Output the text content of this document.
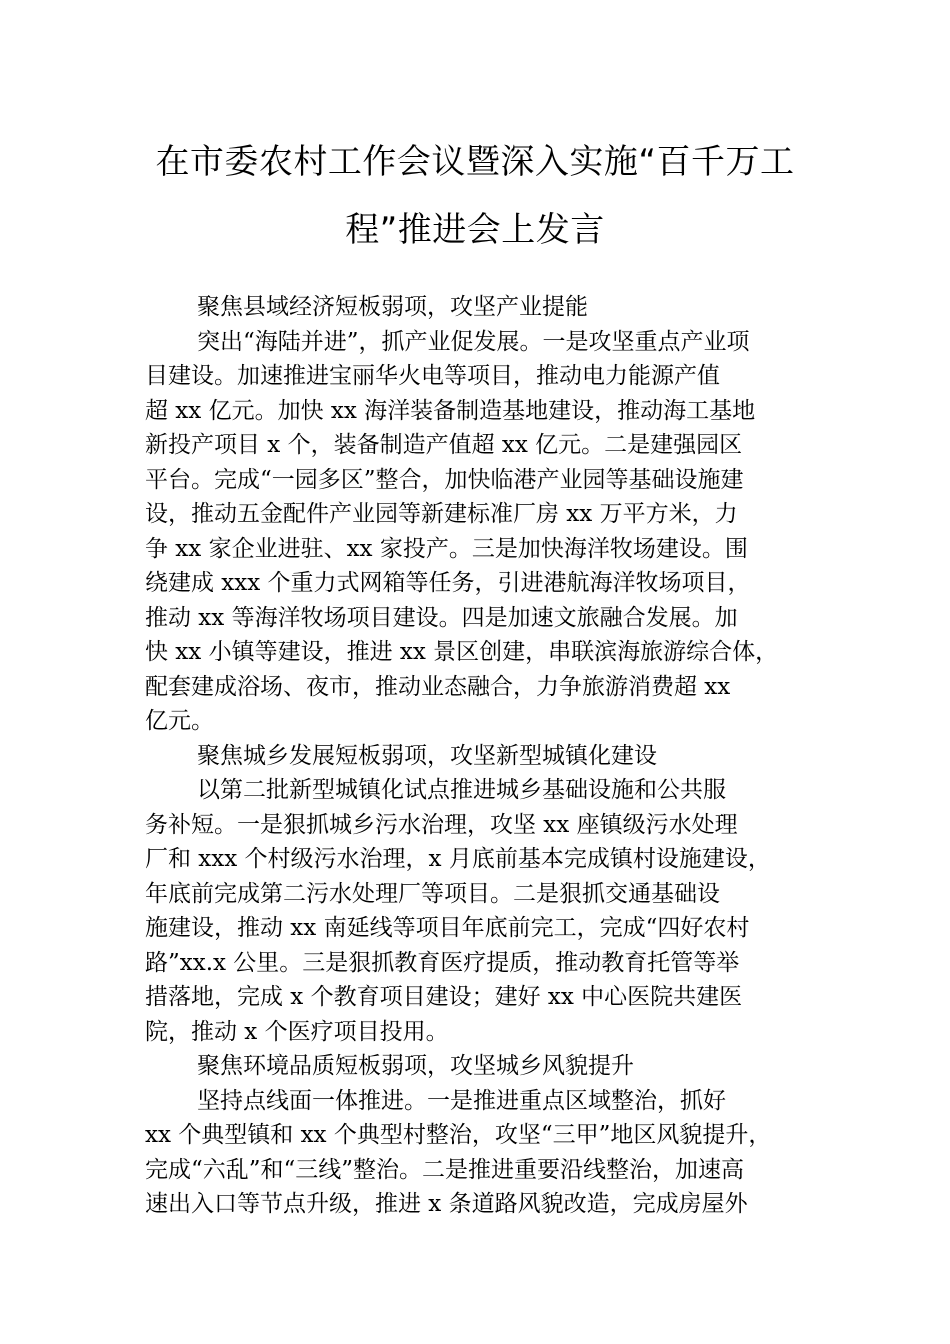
在市委农村工作会议暨深入实施“百千万工
程”推进会上发言
聚焦县域经济短板弱项，攻坚产业提能

突出“海陆并进”，抓产业促发展。一是攻坚重点产业项
目建设。加速推进宝丽华火电等项目，推动电力能源产值
超 xx 亿元。加快 xx 海洋装备制造基地建设，推动海工基地
新投产项目 x 个，装备制造产值超 xx 亿元。二是建强园区
平台。完成“一园多区”整合，加快临港产业园等基础设施建
设，推动五金配件产业园等新建标准厂房 xx 万平方米，力
争 xx 家企业进驻、xx 家投产。三是加快海洋牧场建设。围
绕建成 xxx 个重力式网箱等任务，引进港航海洋牧场项目，
推动 xx 等海洋牧场项目建设。四是加速文旅融合发展。加
快 xx 小镇等建设，推进 xx 景区创建，串联滨海旅游综合体，
配套建成浴场、夜市，推动业态融合，力争旅游消费超 xx
亿元。

聚焦城乡发展短板弱项，攻坚新型城镇化建设

以第二批新型城镇化试点推进城乡基础设施和公共服
务补短。一是狠抓城乡污水治理，攻坚 xx 座镇级污水处理
厂和 xxx 个村级污水治理，x 月底前基本完成镇村设施建设，
年底前完成第二污水处理厂等项目。二是狠抓交通基础设
施建设，推动 xx 南延线等项目年底前完工，完成“四好农村
路”xx.x 公里。三是狠抓教育医疗提质，推动教育托管等举
措落地，完成 x 个教育项目建设；建好 xx 中心医院共建医
院，推动 x 个医疗项目投用。

聚焦环境品质短板弱项，攻坚城乡风貌提升

坚持点线面一体推进。一是推进重点区域整治，抓好
xx 个典型镇和 xx 个典型村整治，攻坚“三甲”地区风貌提升，
完成“六乱”和“三线”整治。二是推进重要沿线整治，加速高
速出入口等节点升级，推进 x 条道路风貌改造，完成房屋外
